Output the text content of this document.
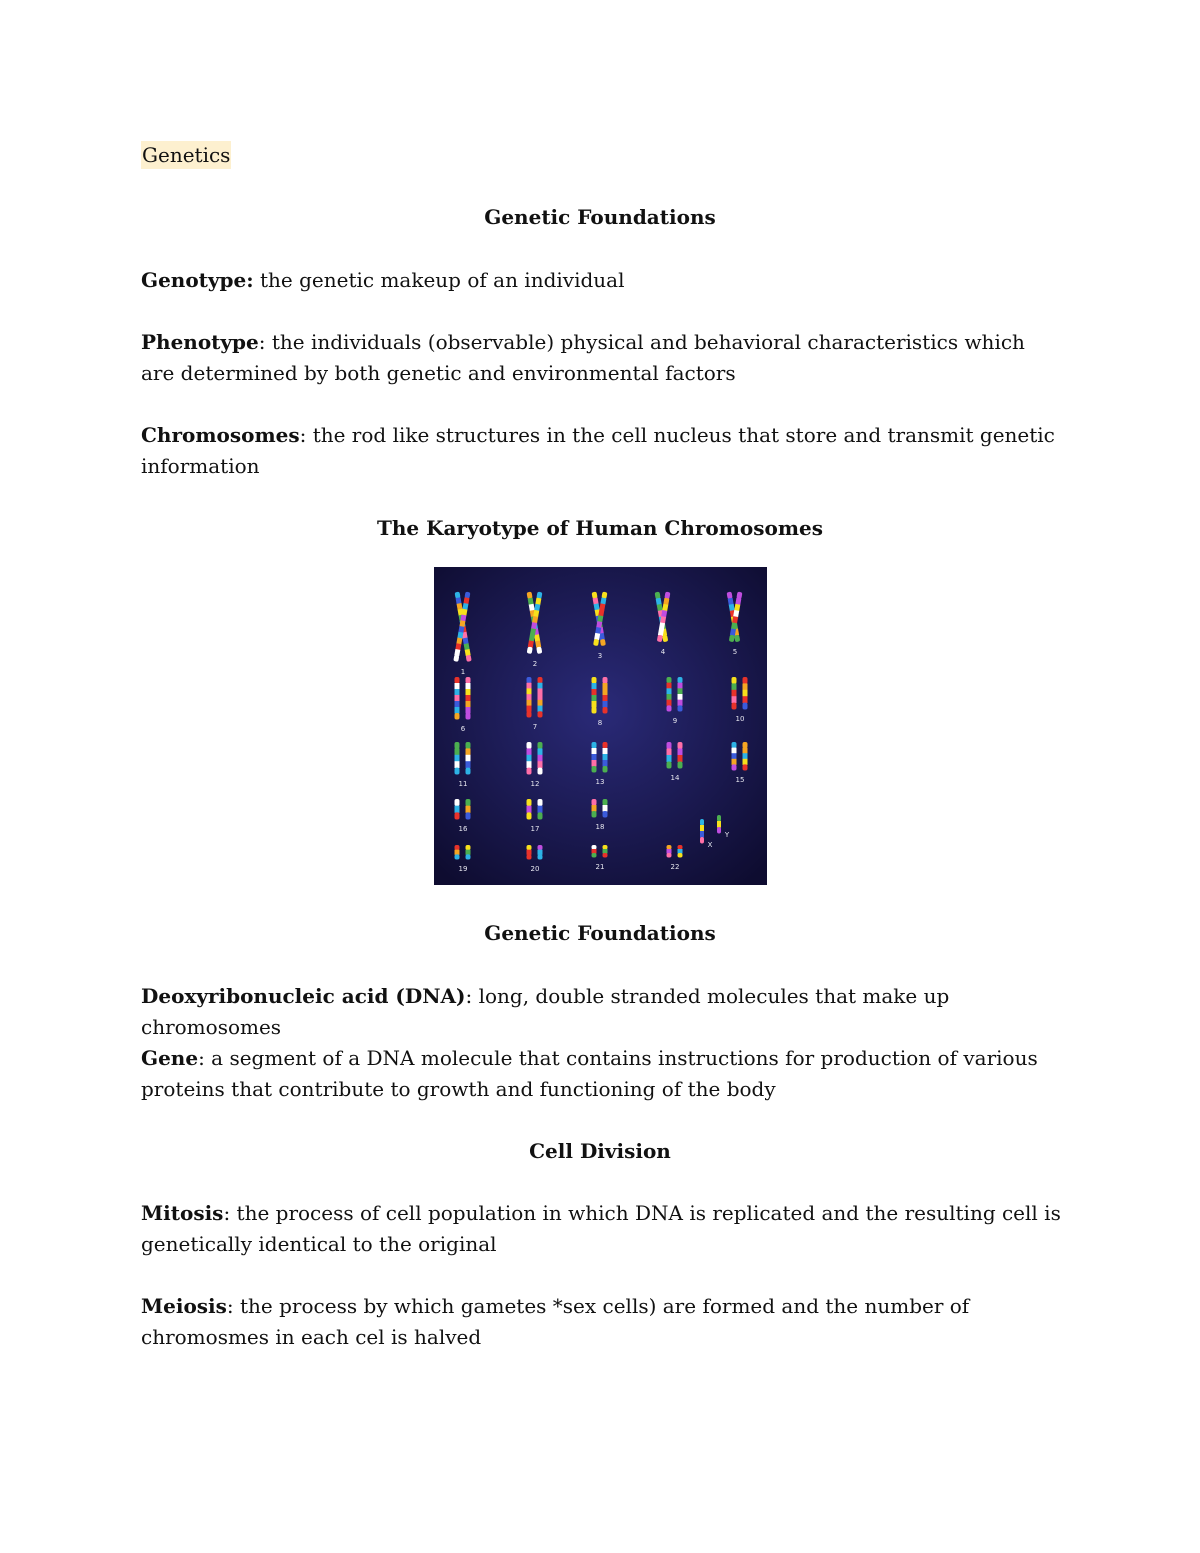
Genetics
Genetic Foundations
Genotype: the genetic makeup of an individual
Phenotype: the individuals (observable) physical and behavioral characteristics which are determined by both genetic and environmental factors
Chromosomes: the rod like structures in the cell nucleus that store and transmit genetic information
The Karyotype of Human Chromosomes
1
2
3	4	5
6	7	8	9	10
11	12	13	14	15
16	17	18
19	20	21	22
Y
X
Genetic Foundations
Deoxyribonucleic acid (DNA): long, double stranded molecules that make up chromosomes
Gene: a segment of a DNA molecule that contains instructions for production of various proteins that contribute to growth and functioning of the body
Cell Division
Mitosis: the process of cell population in which DNA is replicated and the resulting cell is genetically identical to the original
Meiosis: the process by which gametes *sex cells) are formed and the number of chromosmes in each cel is halved
